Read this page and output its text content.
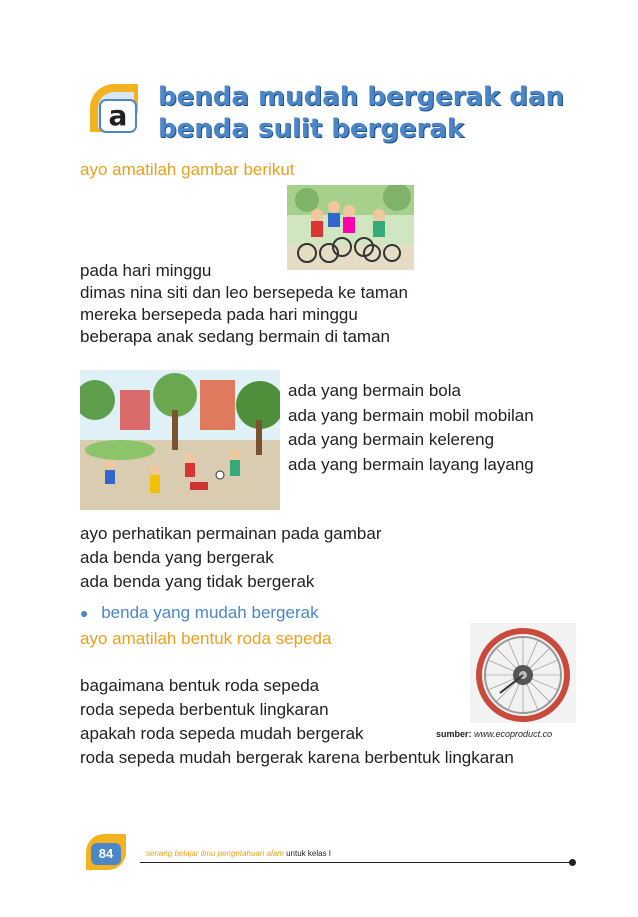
a
benda mudah bergerak dan
benda sulit bergerak
ayo amatilah gambar berikut
pada hari minggu
dimas nina siti dan leo bersepeda ke taman
mereka bersepeda pada hari minggu
beberapa anak sedang bermain di taman
ada yang bermain bola
ada yang bermain mobil mobilan
ada yang bermain kelereng
ada yang bermain layang layang
ayo perhatikan permainan pada gambar
ada benda yang bergerak
ada benda yang tidak bergerak
● benda yang mudah bergerak
ayo amatilah bentuk roda sepeda
bagaimana bentuk roda sepeda
roda sepeda berbentuk lingkaran
apakah roda sepeda mudah bergerak
roda sepeda mudah bergerak karena berbentuk lingkaran
sumber: www.ecoproduct.co
84	senang belajar ilmu pengetahuan alam untuk kelas I
